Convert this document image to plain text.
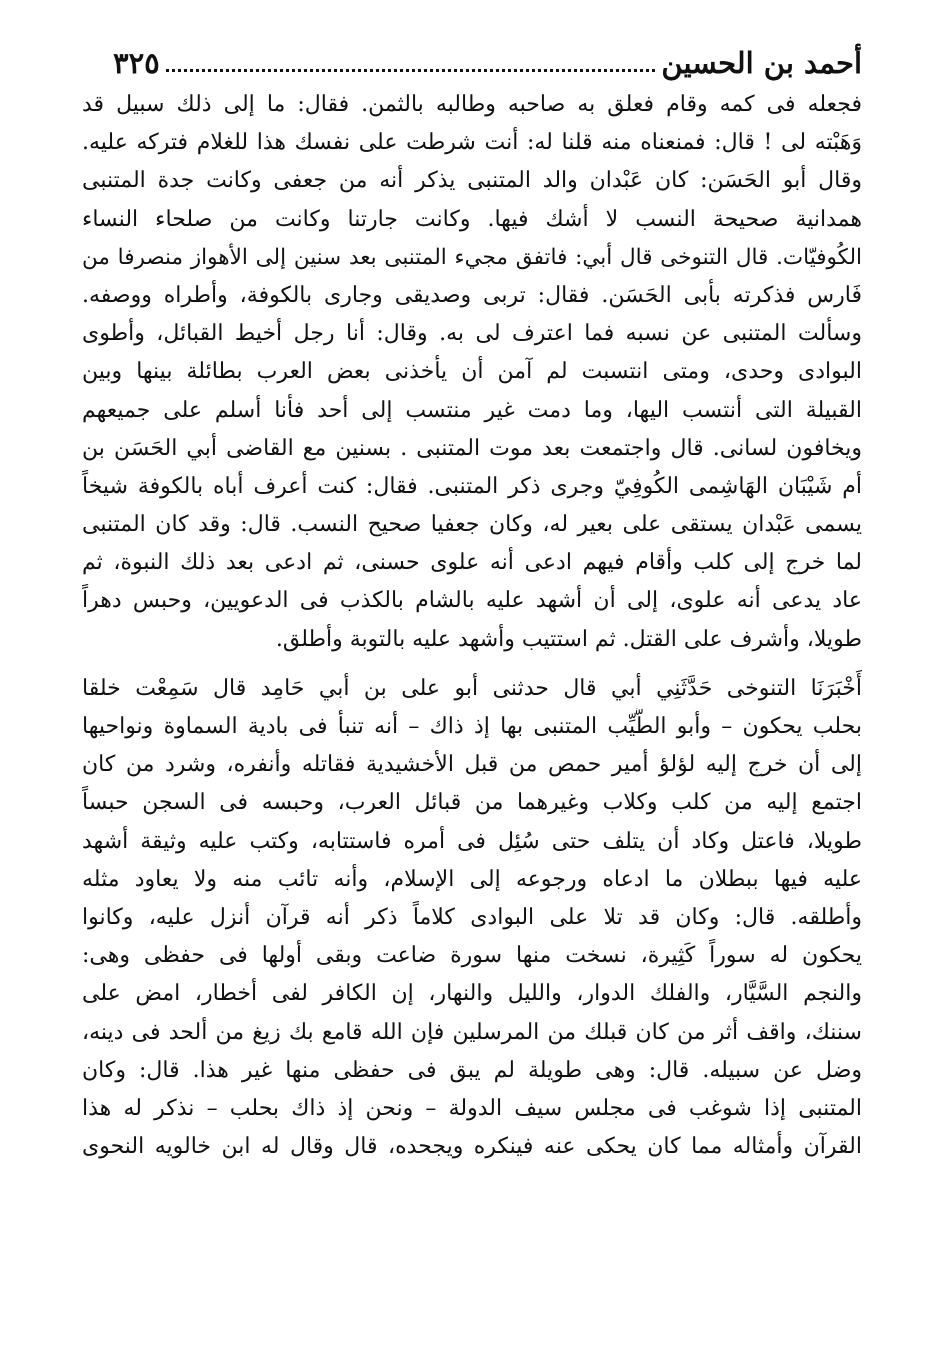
أحمد بن الحسين
٣٢٥
فجعله فى كمه وقام فعلق به صاحبه وطالبه بالثمن. فقال: ما إلى ذلك سبيل قد
وَهَبْته لى ! قال: فمنعناه منه قلنا له: أنت شرطت على نفسك هذا للغلام فتركه عليه.
وقال أبو الحَسَن: كان عَبْدان والد المتنبى يذكر أنه من جعفى وكانت جدة المتنبى
همدانية صحيحة النسب لا أشك فيها. وكانت جارتنا وكانت من صلحاء النساء
الكُوفيّات. قال التنوخى قال أبي: فاتفق مجيء المتنبى بعد سنين إلى الأهواز منصرفا من
فَارس فذكرته بأبى الحَسَن. فقال: تربى وصديقى وجارى بالكوفة، وأطراه ووصفه.
وسألت المتنبى عن نسبه فما اعترف لى به. وقال: أنا رجل أخيط القبائل، وأطوى
البوادى وحدى، ومتى انتسبت لم آمن أن يأخذنى بعض العرب بطائلة بينها وبين
القبيلة التى أنتسب اليها، وما دمت غير منتسب إلى أحد فأنا أسلم على جميعهم
ويخافون لسانى. قال واجتمعت بعد موت المتنبى . بسنين مع القاضى أبي الحَسَن بن
أم شَيْبَان الهَاشِمى الكُوفِيّ وجرى ذكر المتنبى. فقال: كنت أعرف أباه بالكوفة شيخاً
يسمى عَبْدان يستقى على بعير له، وكان جعفيا صحيح النسب. قال: وقد كان المتنبى
لما خرج إلى كلب وأقام فيهم ادعى أنه علوى حسنى، ثم ادعى بعد ذلك النبوة، ثم
عاد يدعى أنه علوى، إلى أن أشهد عليه بالشام بالكذب فى الدعويين، وحبس دهراً
طويلا، وأشرف على القتل. ثم استتيب وأشهد عليه بالتوبة وأطلق.
أَخْبَرَنَا التنوخى حَدَّثَنِي أبي قال حدثنى أبو على بن أبي حَامِد قال سَمِعْت خلقا
بحلب يحكون – وأبو الطَّيِّب المتنبى بها إذ ذاك – أنه تنبأ فى بادية السماوة ونواحيها
إلى أن خرج إليه لؤلؤ أمير حمص من قبل الأخشيدية فقاتله وأنفره، وشرد من كان
اجتمع إليه من كلب وكلاب وغيرهما من قبائل العرب، وحبسه فى السجن حبساً
طويلا، فاعتل وكاد أن يتلف حتى سُئِل فى أمره فاستتابه، وكتب عليه وثيقة أشهد
عليه فيها ببطلان ما ادعاه ورجوعه إلى الإسلام، وأنه تائب منه ولا يعاود مثله
وأطلقه. قال: وكان قد تلا على البوادى كلاماً ذكر أنه قرآن أنزل عليه، وكانوا
يحكون له سوراً كَثِيرة، نسخت منها سورة ضاعت وبقى أولها فى حفظى وهى:
والنجم السَّيَّار، والفلك الدوار، والليل والنهار، إن الكافر لفى أخطار، امض على
سننك، واقف أثر من كان قبلك من المرسلين فإن الله قامع بك زيغ من ألحد فى دينه،
وضل عن سبيله. قال: وهى طويلة لم يبق فى حفظى منها غير هذا. قال: وكان
المتنبى إذا شوغب فى مجلس سيف الدولة – ونحن إذ ذاك بحلب – نذكر له هذا
القرآن وأمثاله مما كان يحكى عنه فينكره ويجحده، قال وقال له ابن خالويه النحوى
